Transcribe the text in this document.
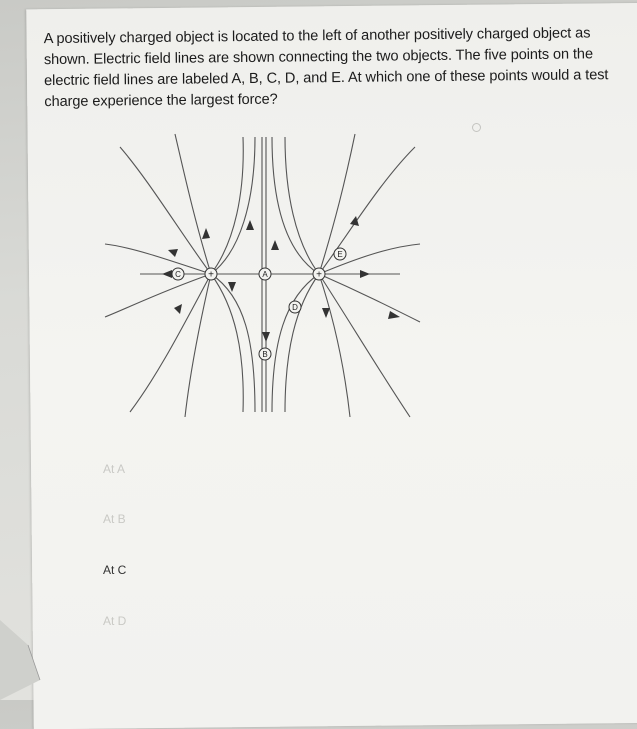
A positively charged object is located to the left of another positively charged object as shown. Electric field lines are shown connecting the two objects. The five points on the electric field lines are labeled A, B, C, D, and E. At which one of these points would a test charge experience the largest force?
+	+
A
B
C
D
E
At A
At B
At C
At D
